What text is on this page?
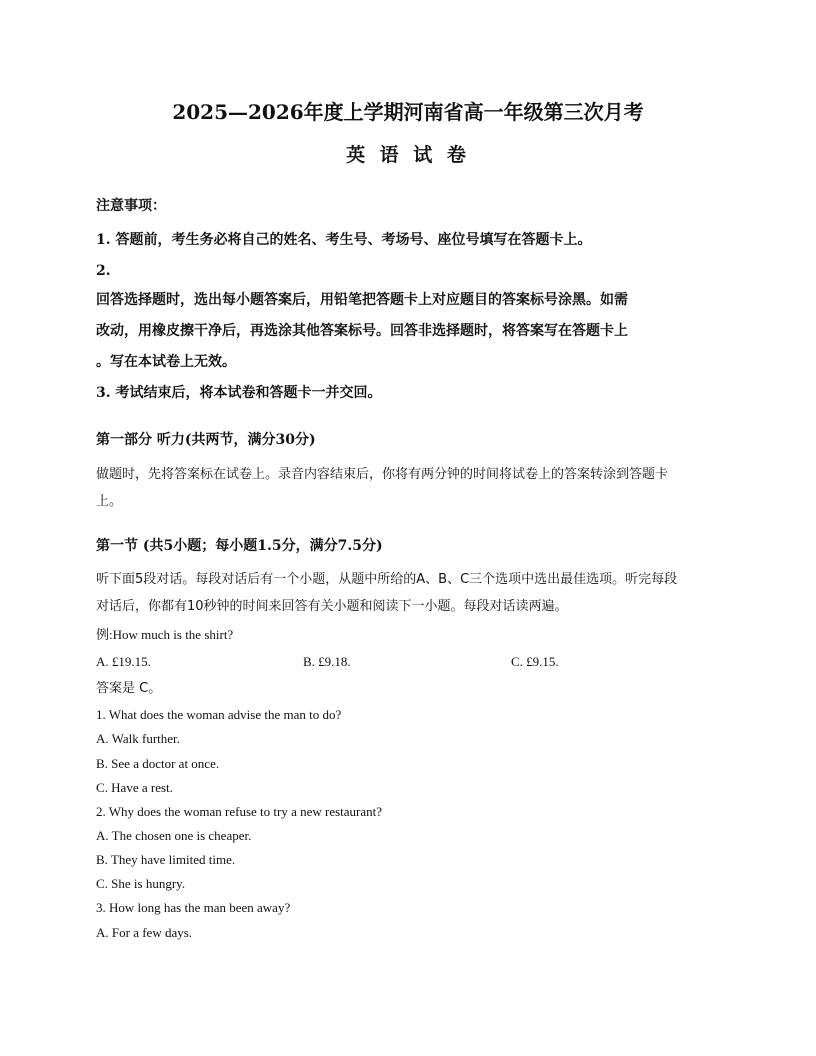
2025—2026年度上学期河南省高一年级第三次月考
英 语 试 卷
注意事项：
1. 答题前，考生务必将自己的姓名、考生号、考场号、座位号填写在答题卡上。
2.
回答选择题时，选出每小题答案后，用铅笔把答题卡上对应题目的答案标号涂黑。如需
改动，用橡皮擦干净后，再选涂其他答案标号。回答非选择题时，将答案写在答题卡上
。写在本试卷上无效。
3. 考试结束后，将本试卷和答题卡一并交回。
第一部分 听力(共两节，满分30分)
做题时，先将答案标在试卷上。录音内容结束后，你将有两分钟的时间将试卷上的答案转涂到答题卡
上。
第一节 (共5小题；每小题1.5分，满分7.5分)
听下面5段对话。每段对话后有一个小题，从题中所给的A、B、C三个选项中选出最佳选项。听完每段
对话后，你都有10秒钟的时间来回答有关小题和阅读下一小题。每段对话读两遍。
例:How much is the shirt?
A. £19.15.	B. £9.18.	C. £9.15.
答案是 C。
1. What does the woman advise the man to do?
A. Walk further.
B. See a doctor at once.
C. Have a rest.
2. Why does the woman refuse to try a new restaurant?
A. The chosen one is cheaper.
B. They have limited time.
C. She is hungry.
3. How long has the man been away?
A. For a few days.
